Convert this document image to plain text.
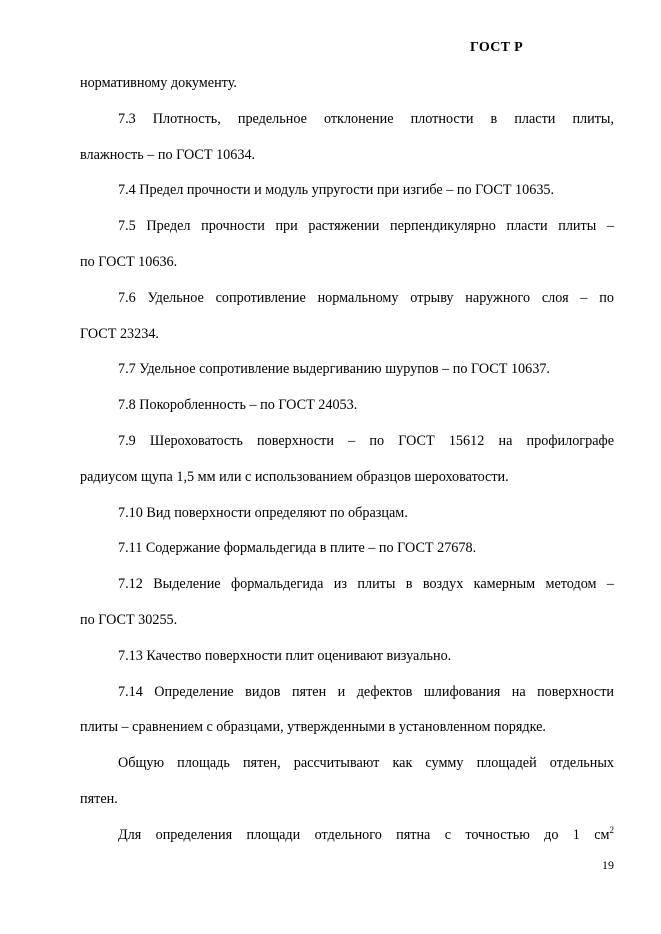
ГОСТ Р
нормативному документу.
7.3 Плотность, предельное отклонение плотности в пласти плиты,
влажность – по ГОСТ 10634.
7.4 Предел прочности и модуль упругости при изгибе – по ГОСТ 10635.
7.5 Предел прочности при растяжении перпендикулярно пласти плиты –
по ГОСТ 10636.
7.6 Удельное сопротивление нормальному отрыву наружного слоя – по
ГОСТ 23234.
7.7 Удельное сопротивление выдергиванию шурупов – по ГОСТ 10637.
7.8 Покоробленность – по ГОСТ 24053.
7.9 Шероховатость поверхности – по ГОСТ 15612 на профилографе
радиусом щупа 1,5 мм или с использованием образцов шероховатости.
7.10 Вид поверхности определяют по образцам.
7.11 Содержание формальдегида в плите – по ГОСТ 27678.
7.12 Выделение формальдегида из плиты в воздух камерным методом –
по ГОСТ 30255.
7.13 Качество поверхности плит оценивают визуально.
7.14 Определение видов пятен и дефектов шлифования на поверхности
плиты – сравнением с образцами, утвержденными в установленном порядке.
Общую площадь пятен, рассчитывают как сумму площадей отдельных
пятен.
Для определения площади отдельного пятна с точностью до 1 $см^2$
19
